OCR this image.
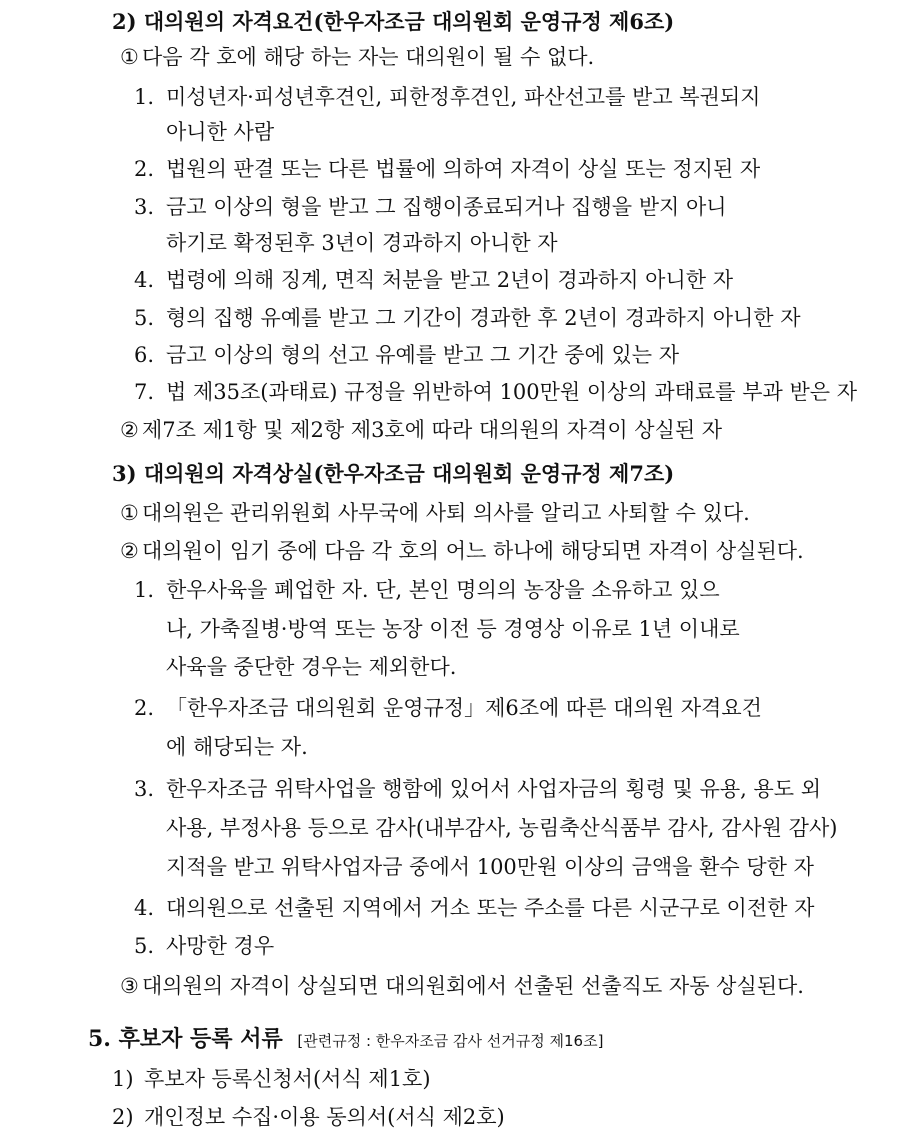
2) 대의원의 자격요건(한우자조금 대의원회 운영규정 제6조)
① 다음 각 호에 해당 하는 자는 대의원이 될 수 없다.
1. 미성년자·피성년후견인, 피한정후견인, 파산선고를 받고 복권되지
아니한 사람
2. 법원의 판결 또는 다른 법률에 의하여 자격이 상실 또는 정지된 자
3. 금고 이상의 형을 받고 그 집행이종료되거나 집행을 받지 아니
하기로 확정된후 3년이 경과하지 아니한 자
4. 법령에 의해 징계, 면직 처분을 받고 2년이 경과하지 아니한 자
5. 형의 집행 유예를 받고 그 기간이 경과한 후 2년이 경과하지 아니한 자
6. 금고 이상의 형의 선고 유예를 받고 그 기간 중에 있는 자
7. 법 제35조(과태료) 규정을 위반하여 100만원 이상의 과태료를 부과 받은 자
② 제7조 제1항 및 제2항 제3호에 따라 대의원의 자격이 상실된 자
3) 대의원의 자격상실(한우자조금 대의원회 운영규정 제7조)
① 대의원은 관리위원회 사무국에 사퇴 의사를 알리고 사퇴할 수 있다.
② 대의원이 임기 중에 다음 각 호의 어느 하나에 해당되면 자격이 상실된다.
1. 한우사육을 폐업한 자. 단, 본인 명의의 농장을 소유하고 있으
나, 가축질병·방역 또는 농장 이전 등 경영상 이유로 1년 이내로
사육을 중단한 경우는 제외한다.
2. 「한우자조금 대의원회 운영규정」제6조에 따른 대의원 자격요건
에 해당되는 자.
3. 한우자조금 위탁사업을 행함에 있어서 사업자금의 횡령 및 유용, 용도 외
사용, 부정사용 등으로 감사(내부감사, 농림축산식품부 감사, 감사원 감사)
지적을 받고 위탁사업자금 중에서 100만원 이상의 금액을 환수 당한 자
4. 대의원으로 선출된 지역에서 거소 또는 주소를 다른 시군구로 이전한 자
5. 사망한 경우
③ 대의원의 자격이 상실되면 대의원회에서 선출된 선출직도 자동 상실된다.
5. 후보자 등록 서류 [관련규정 : 한우자조금 감사 선거규정 제16조]
1) 후보자 등록신청서(서식 제1호)
2) 개인정보 수집·이용 동의서(서식 제2호)
